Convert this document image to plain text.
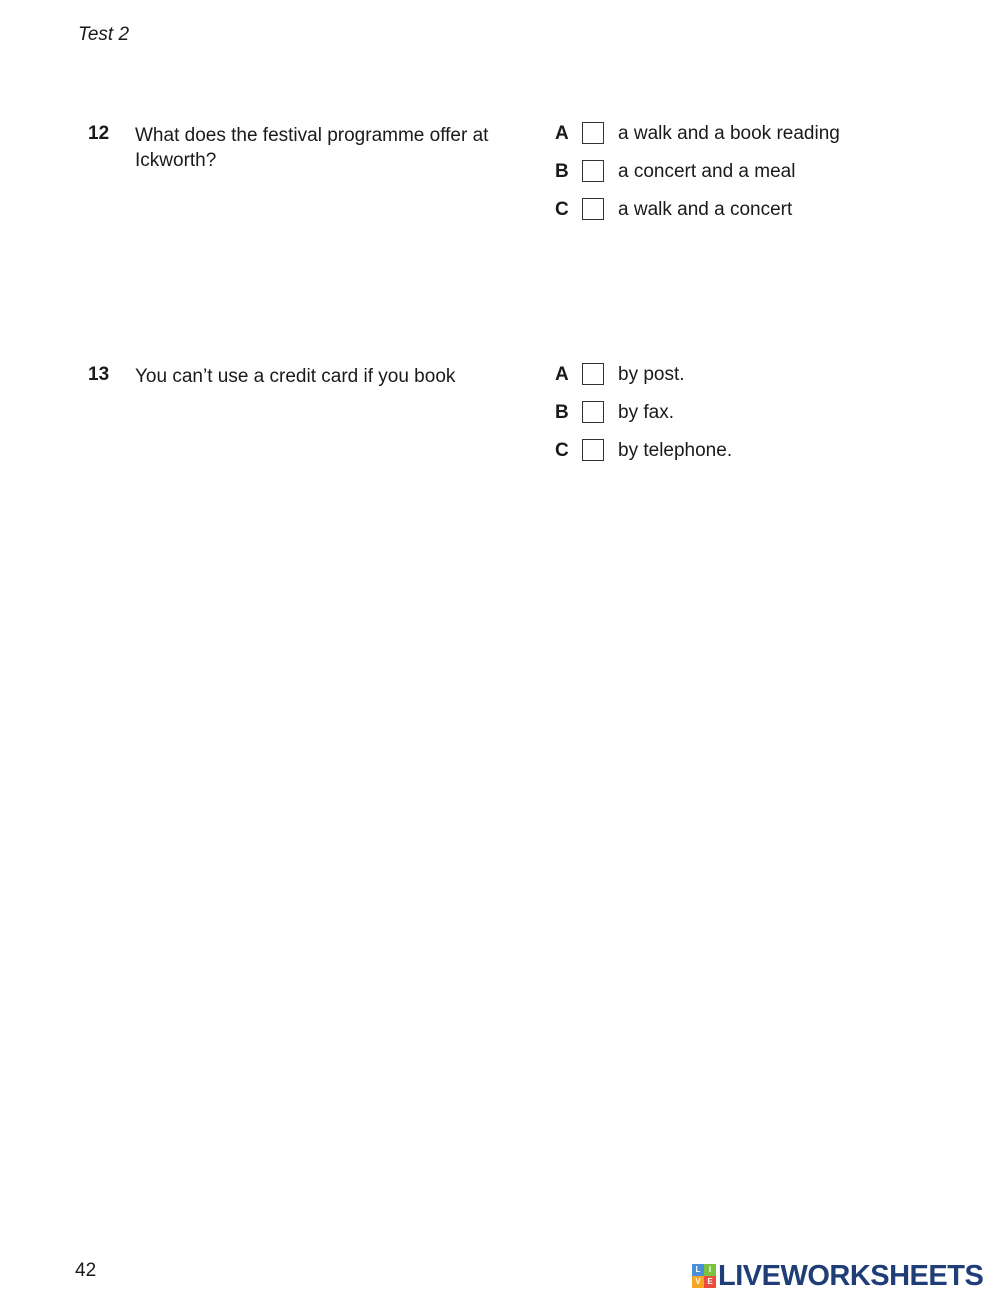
Test 2
12 What does the festival programme offer at Ickworth?
A	a walk and a book reading
B	a concert and a meal
C	a walk and a concert
13 You can’t use a credit card if you book	A	by post.
B	by fax.
C	by telephone.
42	L	I
V E LIVEWORKSHEETS
